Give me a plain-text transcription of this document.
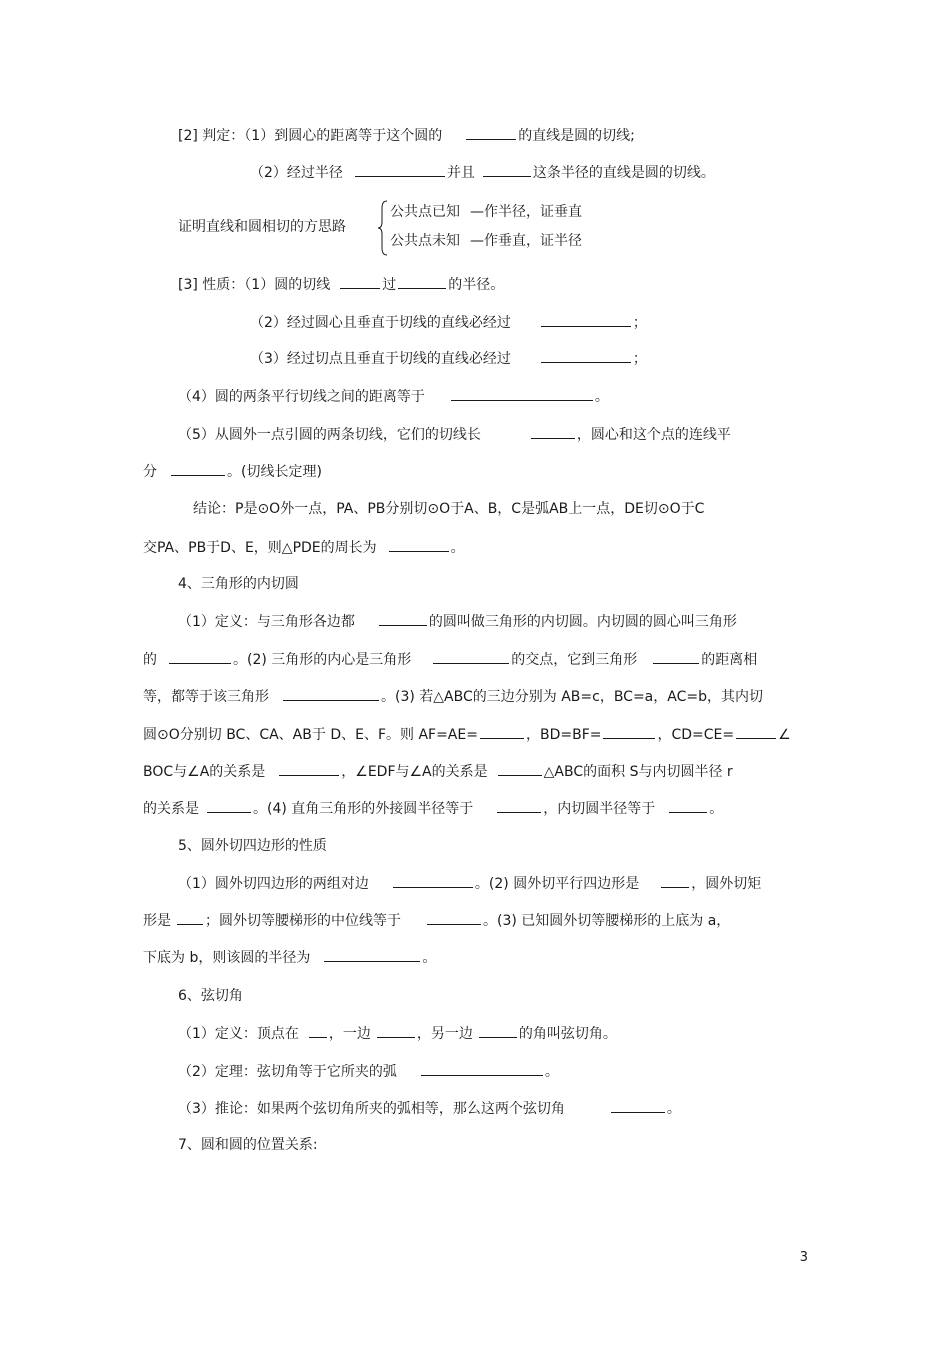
[2] 判定：（1）到圆心的距离等于这个圆的	的直线是圆的切线;
（2）经过半径	并且	这条半径的直线是圆的切线。
证明直线和圆相切的方思路
公共点已知 —作半径，证垂直
公共点未知 —作垂直，证半径
[3] 性质：（1）圆的切线	过	的半径。
（2）经过圆心且垂直于切线的直线必经过	；
（3）经过切点且垂直于切线的直线必经过	；
（4）圆的两条平行切线之间的距离等于	。
（5）从圆外一点引圆的两条切线，它们的切线长	，圆心和这个点的连线平
分	。(切线长定理)
结论：P是⊙O外一点，PA、PB分别切⊙O于A、B，C是弧AB上一点，DE切⊙O于C
交PA、PB于D、E，则△PDE的周长为	。
4、三角形的内切圆
（1）定义：与三角形各边都	的圆叫做三角形的内切圆。内切圆的圆心叫三角形
的	。(2) 三角形的内心是三角形	的交点，它到三角形	的距离相
等，都等于该三角形	。(3) 若△ABC的三边分别为 AB=c，BC=a，AC=b，其内切
圆⊙O分别切 BC、CA、AB于 D、E、F。则 AF=AE=	，BD=BF=	，CD=CE=	∠
BOC与∠A的关系是	，∠EDF与∠A的关系是	△ABC的面积 S与内切圆半径 r
的关系是	。(4) 直角三角形的外接圆半径等于	，内切圆半径等于	。
5、圆外切四边形的性质
（1）圆外切四边形的两组对边	。(2) 圆外切平行四边形是	，圆外切矩
形是 ；圆外切等腰梯形的中位线等于	。(3) 已知圆外切等腰梯形的上底为 a，
下底为 b，则该圆的半径为	。
6、弦切角
（1）定义：顶点在 ，一边	，另一边	的角叫弦切角。
（2）定理：弦切角等于它所夹的弧	。
（3）推论：如果两个弦切角所夹的弧相等，那么这两个弦切角	。
7、圆和圆的位置关系:
3
